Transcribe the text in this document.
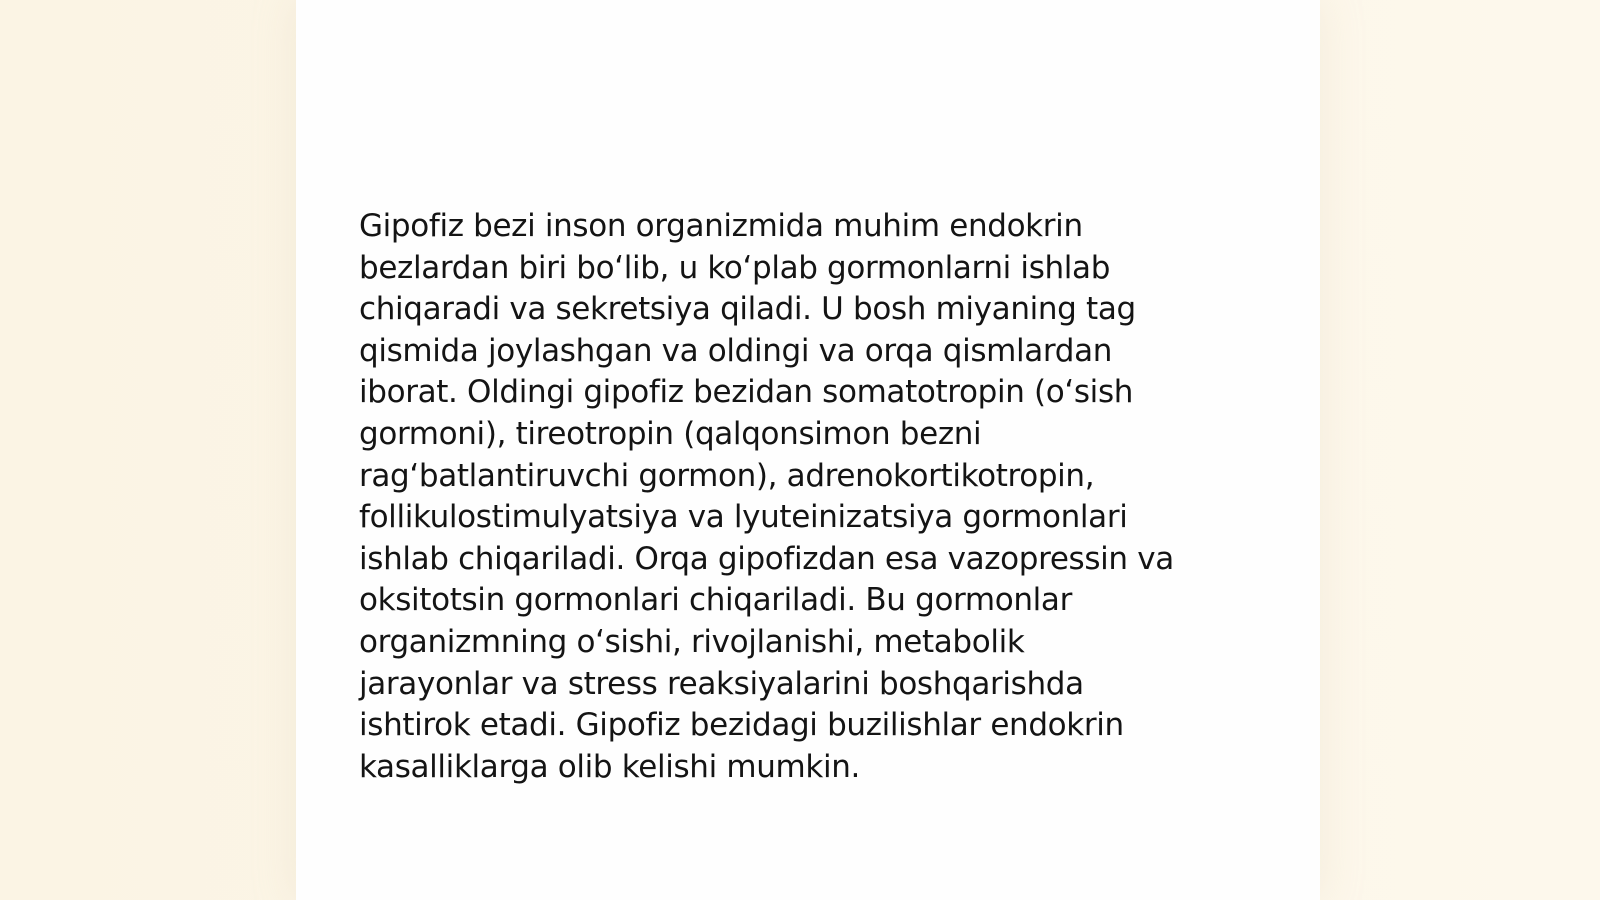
Gipofiz bezi inson organizmida muhim endokrin
bezlardan biri bo‘lib, u ko‘plab gormonlarni ishlab
chiqaradi va sekretsiya qiladi. U bosh miyaning tag
qismida joylashgan va oldingi va orqa qismlardan
iborat. Oldingi gipofiz bezidan somatotropin (o‘sish
gormoni), tireotropin (qalqonsimon bezni
rag‘batlantiruvchi gormon), adrenokortikotropin,
follikulostimulyatsiya va lyuteinizatsiya gormonlari
ishlab chiqariladi. Orqa gipofizdan esa vazopressin va
oksitotsin gormonlari chiqariladi. Bu gormonlar
organizmning o‘sishi, rivojlanishi, metabolik
jarayonlar va stress reaksiyalarini boshqarishda
ishtirok etadi. Gipofiz bezidagi buzilishlar endokrin
kasalliklarga olib kelishi mumkin.
